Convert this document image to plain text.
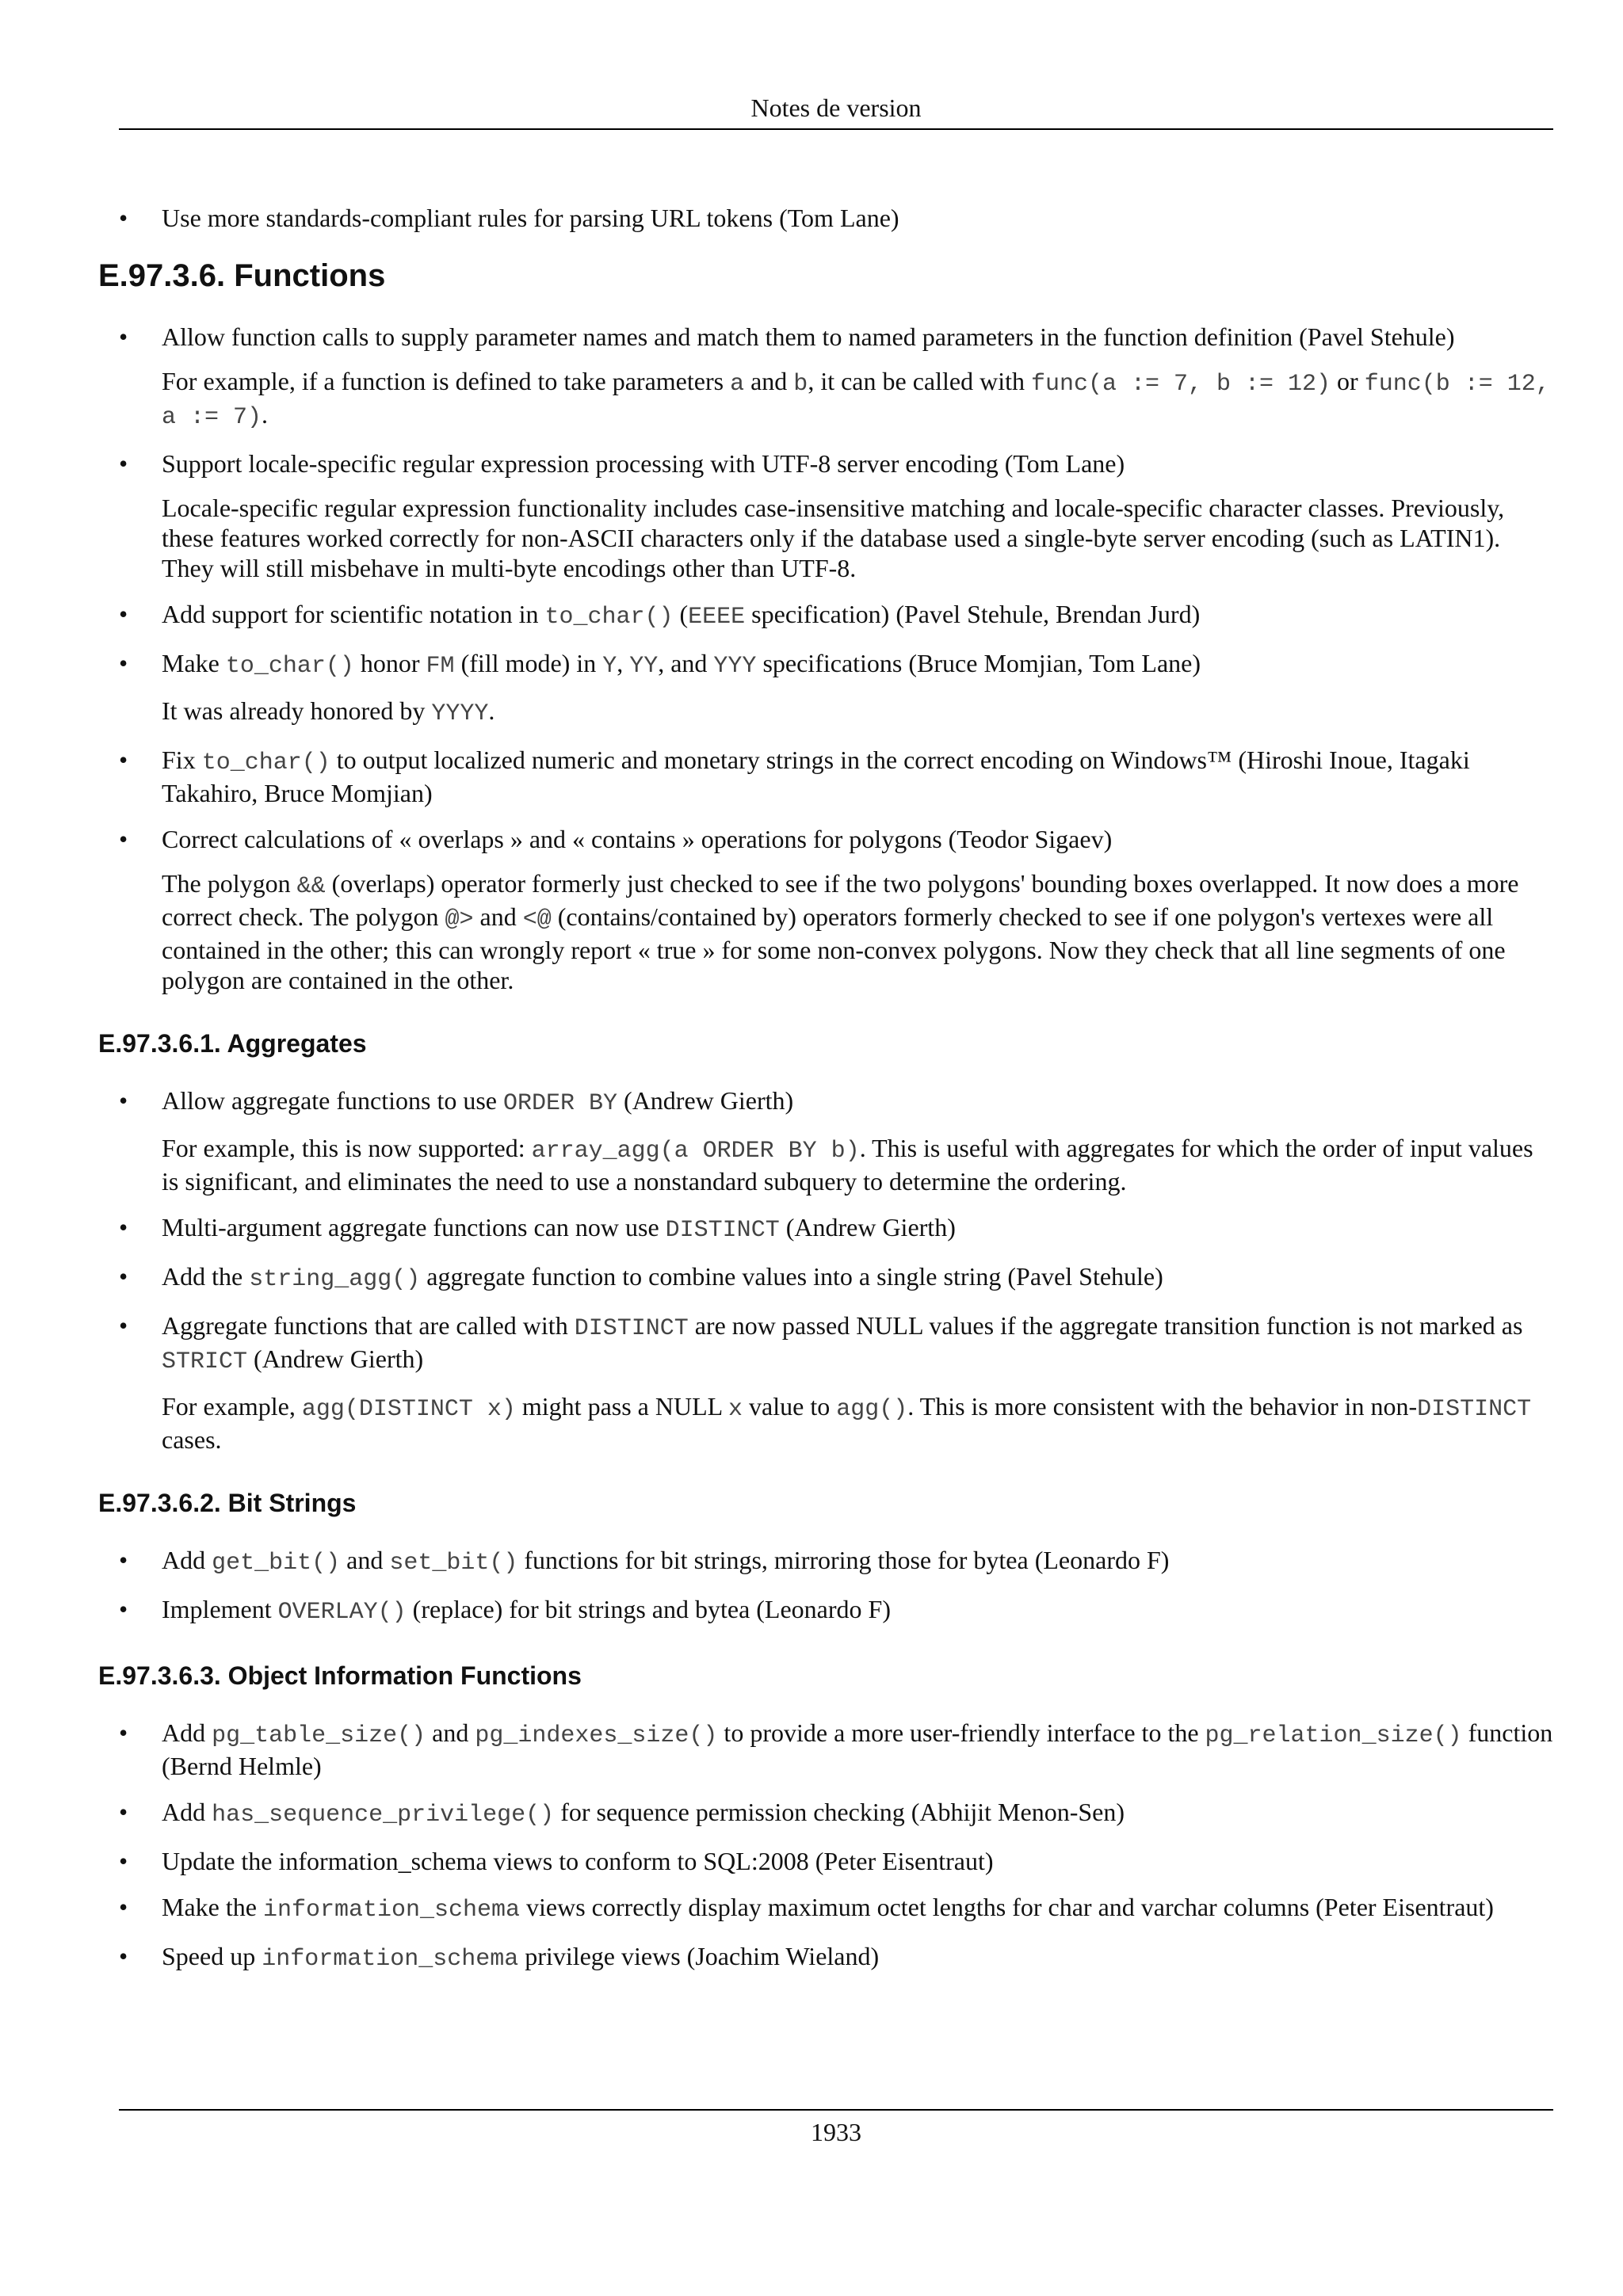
Notes de version
• Use more standards-compliant rules for parsing URL tokens (Tom Lane)
E.97.3.6. Functions
• Allow function calls to supply parameter names and match them to named parameters in the function definition (Pavel Stehule)

For example, if a function is defined to take parameters a and b, it can be called with func(a := 7, b := 12) or func(b := 12, a := 7).

• Support locale-specific regular expression processing with UTF-8 server encoding (Tom Lane)

Locale-specific regular expression functionality includes case-insensitive matching and locale-specific character classes. Previously, these features worked correctly for non-ASCII characters only if the database used a single-byte server encoding (such as LATIN1). They will still misbehave in multi-byte encodings other than UTF-8.

• Add support for scientific notation in to_char() (EEEE specification) (Pavel Stehule, Brendan Jurd)
• Make to_char() honor FM (fill mode) in Y, YY, and YYY specifications (Bruce Momjian, Tom Lane)

It was already honored by YYYY.

• Fix to_char() to output localized numeric and monetary strings in the correct encoding on Windows™ (Hiroshi Inoue, Itagaki Takahiro, Bruce Momjian)
• Correct calculations of « overlaps » and « contains » operations for polygons (Teodor Sigaev)

The polygon && (overlaps) operator formerly just checked to see if the two polygons' bounding boxes overlapped. It now does a more correct check. The polygon @> and <@ (contains/contained by) operators formerly checked to see if one polygon's vertexes were all contained in the other; this can wrongly report « true » for some non-convex polygons. Now they check that all line segments of one polygon are contained in the other.

E.97.3.6.1. Aggregates
• Allow aggregate functions to use ORDER BY (Andrew Gierth)

For example, this is now supported: array_agg(a ORDER BY b). This is useful with aggregates for which the order of input values is significant, and eliminates the need to use a nonstandard subquery to determine the ordering.

• Multi-argument aggregate functions can now use DISTINCT (Andrew Gierth)
• Add the string_agg() aggregate function to combine values into a single string (Pavel Stehule)
• Aggregate functions that are called with DISTINCT are now passed NULL values if the aggregate transition function is not marked as STRICT (Andrew Gierth)

For example, agg(DISTINCT x) might pass a NULL x value to agg(). This is more consistent with the behavior in non-DISTINCT cases.

E.97.3.6.2. Bit Strings
• Add get_bit() and set_bit() functions for bit strings, mirroring those for bytea (Leonardo F)
• Implement OVERLAY() (replace) for bit strings and bytea (Leonardo F)
E.97.3.6.3. Object Information Functions
• Add pg_table_size() and pg_indexes_size() to provide a more user-friendly interface to the pg_relation_size() function (Bernd Helmle)
• Add has_sequence_privilege() for sequence permission checking (Abhijit Menon-Sen)
• Update the information_schema views to conform to SQL:2008 (Peter Eisentraut)
• Make the information_schema views correctly display maximum octet lengths for char and varchar columns (Peter Eisentraut)
• Speed up information_schema privilege views (Joachim Wieland)
1933
